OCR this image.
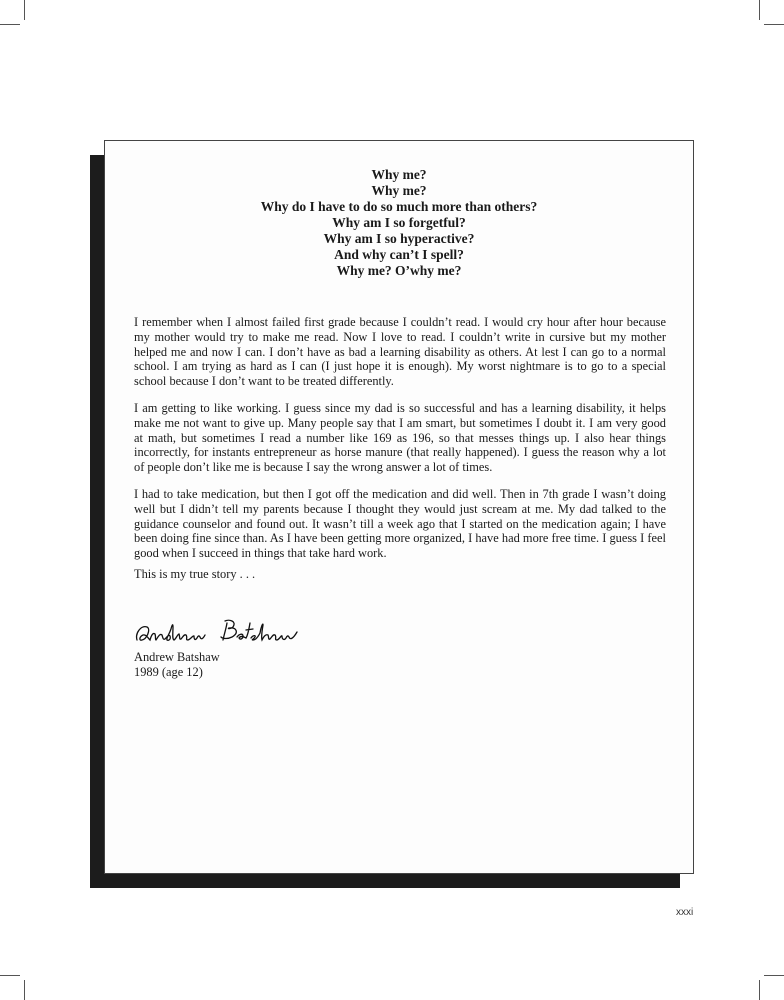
Why me?
Why me?
Why do I have to do so much more than others?
Why am I so forgetful?
Why am I so hyperactive?
And why can’t I spell?
Why me? O’why me?

I remember when I almost failed first grade because I couldn’t read. I would cry hour after hour because my mother would try to make me read. Now I love to read. I couldn’t write in cursive but my mother helped me and now I can. I don’t have as bad a learning disability as others. At lest I can go to a normal school. I am trying as hard as I can (I just hope it is enough). My worst nightmare is to go to a special school because I don’t want to be treated differently.

I am getting to like working. I guess since my dad is so successful and has a learning disability, it helps make me not want to give up. Many people say that I am smart, but sometimes I doubt it. I am very good at math, but sometimes I read a number like 169 as 196, so that messes things up. I also hear things incorrectly, for instants entrepreneur as horse manure (that really happened). I guess the reason why a lot of people don’t like me is because I say the wrong answer a lot of times.

I had to take medication, but then I got off the medication and did well. Then in 7th grade I wasn’t doing well but I didn’t tell my parents because I thought they would just scream at me. My dad talked to the guidance counselor and found out. It wasn’t till a week ago that I started on the medication again; I have been doing fine since than. As I have been getting more organized, I have had more free time. I guess I feel good when I succeed in things that take hard work.

This is my true story . . .

Andrew Batshaw
1989 (age 12)
xxxi
